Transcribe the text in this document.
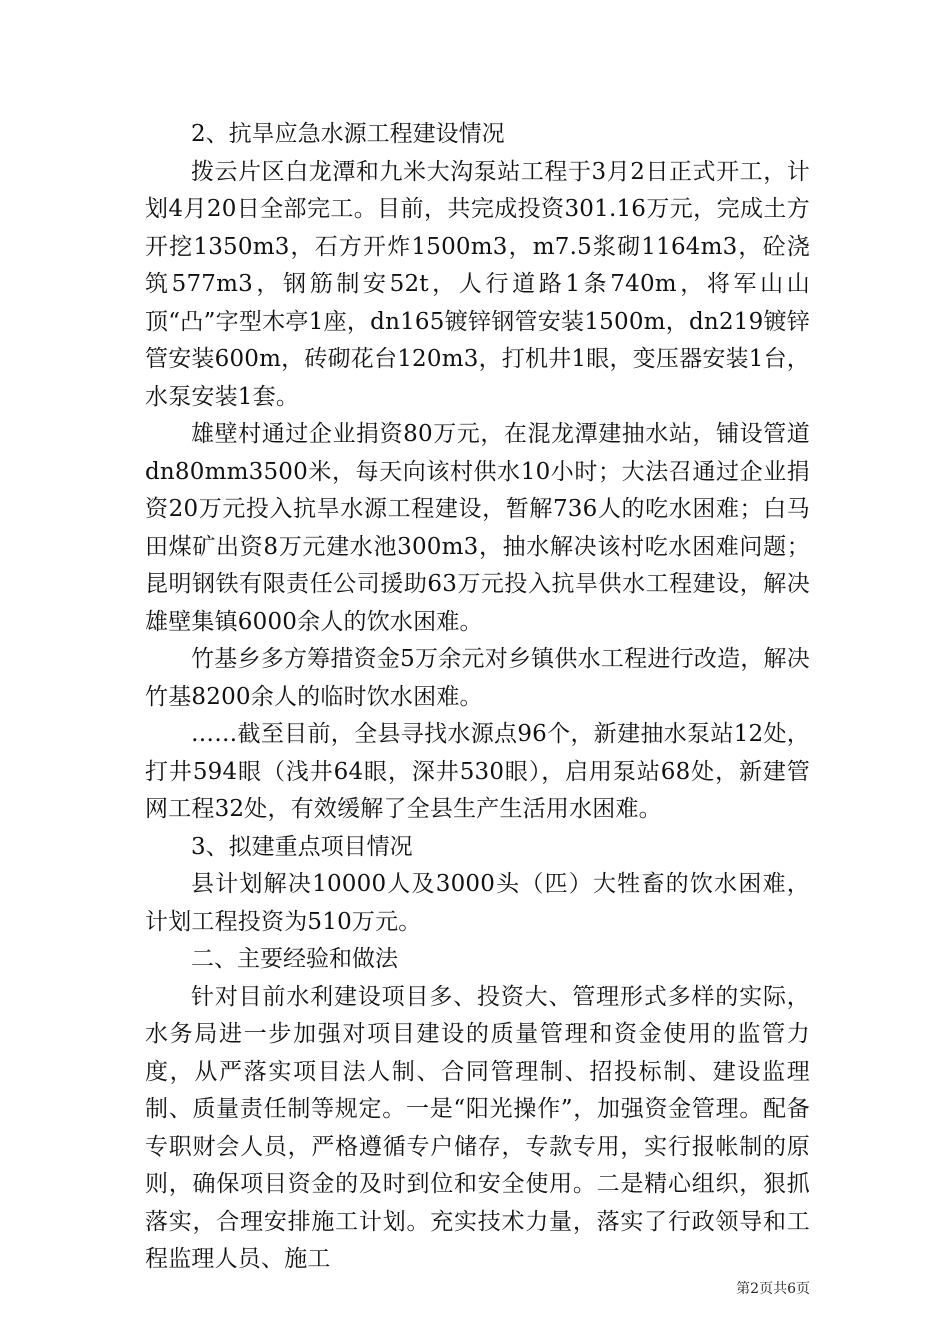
2、抗旱应急水源工程建设情况

拨云片区白龙潭和九米大沟泵站工程于3月2日正式开工，计划4月20日全部完工。目前，共完成投资301.16万元，完成土方开挖1350m3，石方开炸1500m3，m7.5浆砌1164m3，砼浇筑577m3，钢筋制安52t，人行道路1条740m，将军山山顶“凸”字型木亭1座，dn165镀锌钢管安装1500m，dn219镀锌管安装600m，砖砌花台120m3，打机井1眼，变压器安装1台，水泵安装1套。

雄壁村通过企业捐资80万元，在混龙潭建抽水站，铺设管道dn80mm3500米，每天向该村供水10小时；大法召通过企业捐资20万元投入抗旱水源工程建设，暂解736人的吃水困难；白马田煤矿出资8万元建水池300m3，抽水解决该村吃水困难问题；昆明钢铁有限责任公司援助63万元投入抗旱供水工程建设，解决雄壁集镇6000余人的饮水困难。

竹基乡多方筹措资金5万余元对乡镇供水工程进行改造，解决竹基8200余人的临时饮水困难。

……截至目前，全县寻找水源点96个，新建抽水泵站12处，打井594眼（浅井64眼，深井530眼），启用泵站68处，新建管网工程32处，有效缓解了全县生产生活用水困难。

3、拟建重点项目情况

县计划解决10000人及3000头（匹）大牲畜的饮水困难，计划工程投资为510万元。

二、主要经验和做法

针对目前水利建设项目多、投资大、管理形式多样的实际，水务局进一步加强对项目建设的质量管理和资金使用的监管力度，从严落实项目法人制、合同管理制、招投标制、建设监理制、质量责任制等规定。一是“阳光操作”，加强资金管理。配备专职财会人员，严格遵循专户储存，专款专用，实行报帐制的原则，确保项目资金的及时到位和安全使用。二是精心组织，狠抓落实，合理安排施工计划。充实技术力量，落实了行政领导和工程监理人员、施工

第2页共6页
